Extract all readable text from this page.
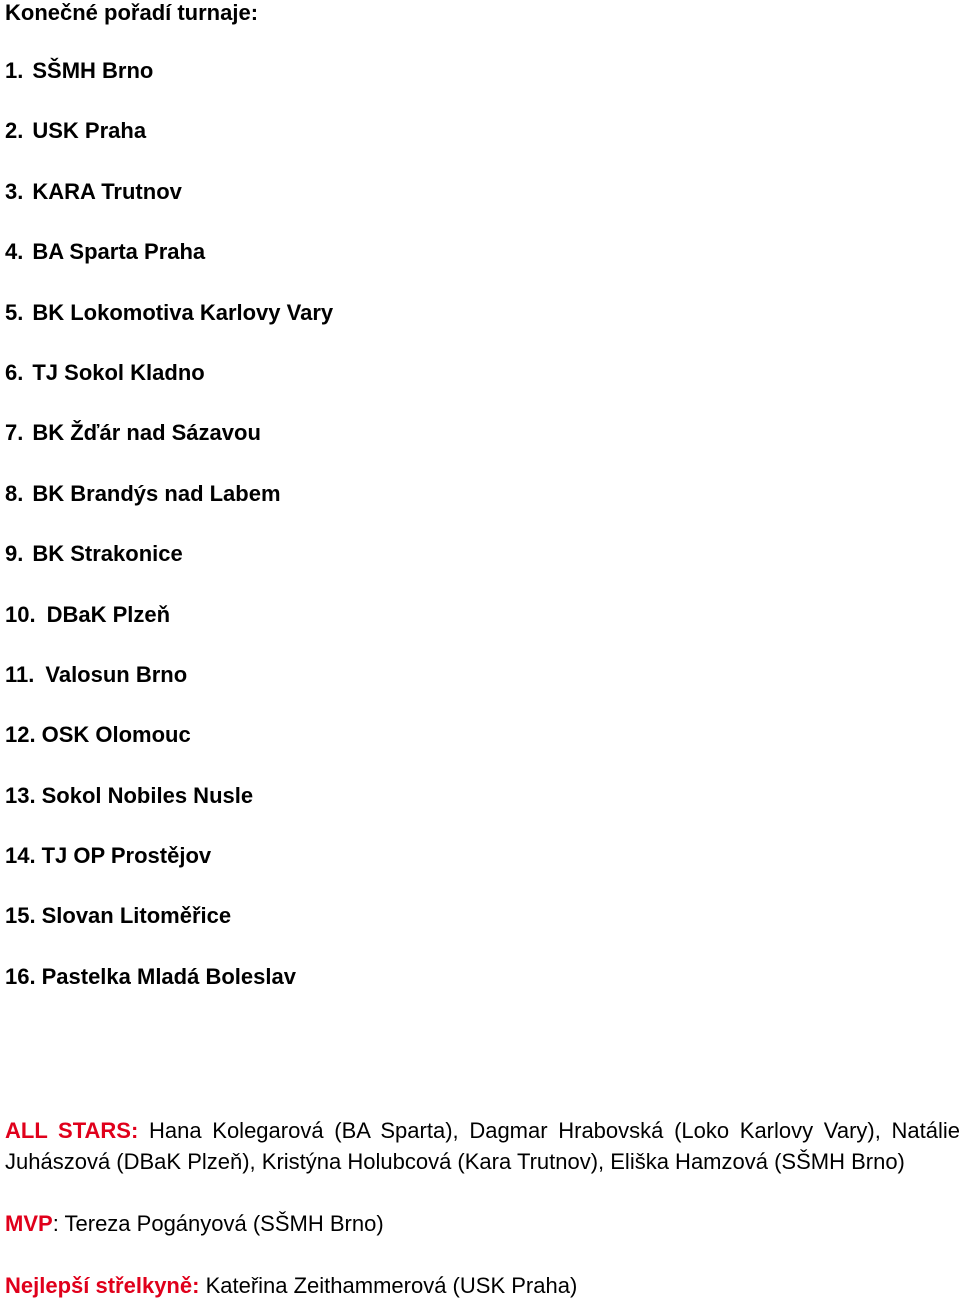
Konečné pořadí turnaje:
1. SŠMH Brno
2. USK Praha
3. KARA Trutnov
4. BA Sparta Praha
5. BK Lokomotiva Karlovy Vary
6. TJ Sokol Kladno
7. BK Žďár nad Sázavou
8. BK Brandýs nad Labem
9. BK Strakonice
10. DBaK Plzeň
11. Valosun Brno
12. OSK Olomouc
13. Sokol Nobiles Nusle
14. TJ OP Prostějov
15. Slovan Litoměřice
16. Pastelka Mladá Boleslav

ALL STARS: Hana Kolegarová (BA Sparta), Dagmar Hrabovská (Loko Karlovy Vary), Natálie Juhászová (DBaK Plzeň), Kristýna Holubcová (Kara Trutnov), Eliška Hamzová (SŠMH Brno)

MVP: Tereza Pogányová (SŠMH Brno)

Nejlepší střelkyně: Kateřina Zeithammerová (USK Praha)
